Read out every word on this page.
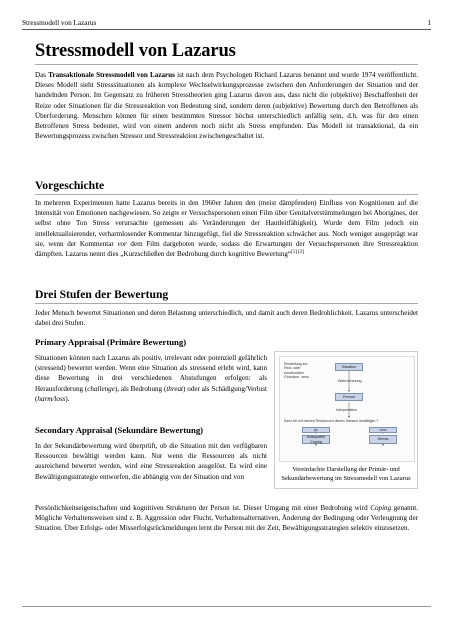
Stressmodell von Lazarus	1
Stressmodell von Lazarus

Das Transaktionale Stressmodell von Lazarus ist nach dem Psychologen Richard Lazarus benannt und wurde 1974 veröffentlicht. Dieses Modell sieht Stresssituationen als komplexe Wechselwirkungsprozesse zwischen den Anforderungen der Situation und der handelnden Person. Im Gegensatz zu früheren Stresstheorien ging Lazarus davon aus, dass nicht die (objektive) Beschaffenheit der Reize oder Situationen für die Stressreaktion von Bedeutung sind, sondern deren (subjektive) Bewertung durch den Betroffenen als Überforderung. Menschen können für einen bestimmten Stressor höchst unterschiedlich anfällig sein, d.h. was für den einen Betroffenen Stress bedeutet, wird von einem anderen noch nicht als Stress empfunden. Das Modell ist transaktional, da ein Bewertungsprozess zwischen Stressor und Stressreaktion zwischengeschaltet ist.

Vorgeschichte

In mehreren Experimenten hatte Lazarus bereits in den 1960er Jahren den (meist dämpfenden) Einfluss von Kognitionen auf die Intensität von Emotionen nachgewiesen. So zeigte er Versuchspersonen einen Film über Genitalverstümmelungen bei Aborigines, der selbst ohne Ton Stress verursachte (gemessen als Veränderungen der Hautleitfähigkeit). Wurde dem Film jedoch ein intellektualisierender, verharmlosender Kommentar hinzugefügt, fiel die Stressreaktion schwächer aus. Noch weniger ausgeprägt war sie, wenn der Kommentar vor dem Film dargeboten wurde, sodass die Erwartungen der Versuchspersonen ihre Stressreaktion dämpften. Lazarus nennt dies „Kurzschließen der Bedrohung durch kognitive Bewertung“[1] [2]

Drei Stufen der Bewertung

Jeder Mensch bewertet Situationen und deren Belastung unterschiedlich, und damit auch deren Bedrohlichkeit. Lazarus unterscheidet dabei drei Stufen.

Primary Appraisal (Primäre Bewertung)

Situationen können nach Lazarus als positiv, irrelevant oder potenziell gefährlich (stressend) bewertet werden. Wenn eine Situation als stressend erlebt wird, kann diese Bewertung in drei verschiedenen Abstufungen erfolgen: als Herausforderung (challenge), als Bedrohung (threat) oder als Schädigung/Verlust (harm/loss).

Secondary Appraisal (Sekundäre Bewertung)

In der Sekundärbewertung wird überprüft, ob die Situation mit den verfügbaren Ressourcen bewältigt werden kann. Nur wenn die Ressourcen als nicht ausreichend bewertet werden, wird eine Stressreaktion ausgelöst. Es wird eine Bewältigungsstrategie entworfen, die abhängig von der Situation und von

Persönlichkeitseigenschaften und kognitiven Strukturen der Person ist. Dieser Umgang mit einer Bedrohung wird Coping genannt. Mögliche Verhaltensweisen sind z. B. Aggression oder Flucht, Verhaltensalternativen, Änderung der Bedingung oder Verleugnung der Situation. Über Erfolgs- oder Misserfolgsrückmeldungen lernt die Person mit der Zeit, Bewältigungsstrategien selektiv einzusetzen.

Einstellung zur Reiz- oder emotionalen Grundpro- zess
Situation
Wahrnehmung
Person
Interpretation
Kann ich mit meinen Ressourcen diesen Stressor bewältigen ?
ja	nein
Adäquates Coping
Stress
Vereinfachte Darstellung der Primär- und Sekundärbewertung im Stressmodell von Lazarus
